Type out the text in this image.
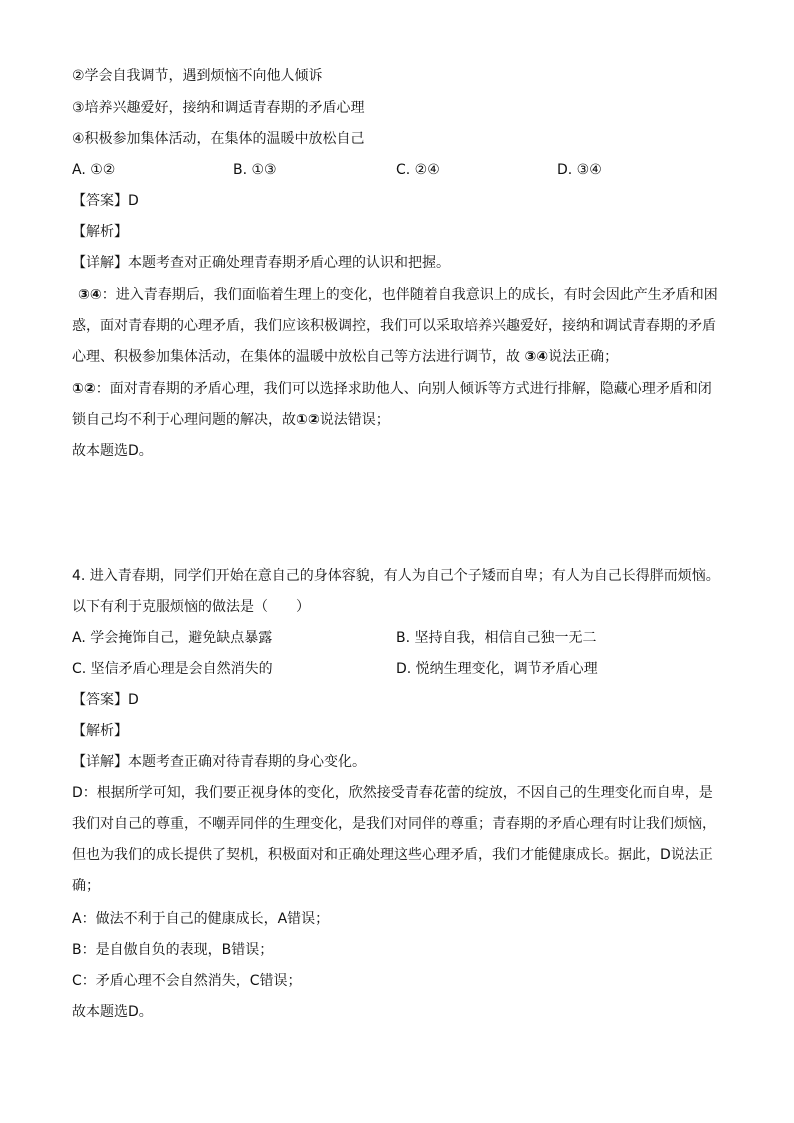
②学会自我调节，遇到烦恼不向他人倾诉
③培养兴趣爱好，接纳和调适青春期的矛盾心理
④积极参加集体活动，在集体的温暖中放松自己
A. ①②	B. ①③	C. ②④	D. ③④
【答案】D
【解析】
【详解】本题考查对正确处理青春期矛盾心理的认识和把握。
③④：进入青春期后，我们面临着生理上的变化，也伴随着自我意识上的成长，有时会因此产生矛盾和困惑，面对青春期的心理矛盾，我们应该积极调控，我们可以采取培养兴趣爱好，接纳和调试青春期的矛盾心理、积极参加集体活动，在集体的温暖中放松自己等方法进行调节，故 ③④说法正确；
①②：面对青春期的矛盾心理，我们可以选择求助他人、向别人倾诉等方式进行排解，隐藏心理矛盾和闭锁自己均不利于心理问题的解决，故①②说法错误；
故本题选D。
4. 进入青春期，同学们开始在意自己的身体容貌，有人为自己个子矮而自卑；有人为自己长得胖而烦恼。
以下有利于克服烦恼的做法是（　　）
A. 学会掩饰自己，避免缺点暴露	B. 坚持自我，相信自己独一无二
C. 坚信矛盾心理是会自然消失的	D. 悦纳生理变化，调节矛盾心理
【答案】D
【解析】
【详解】本题考查正确对待青春期的身心变化。
D：根据所学可知，我们要正视身体的变化，欣然接受青春花蕾的绽放，不因自己的生理变化而自卑，是我们对自己的尊重，不嘲弄同伴的生理变化，是我们对同伴的尊重；青春期的矛盾心理有时让我们烦恼，但也为我们的成长提供了契机，积极面对和正确处理这些心理矛盾，我们才能健康成长。据此，D说法正确；
A：做法不利于自己的健康成长，A错误；
B：是自傲自负的表现，B错误；
C：矛盾心理不会自然消失，C错误；
故本题选D。
